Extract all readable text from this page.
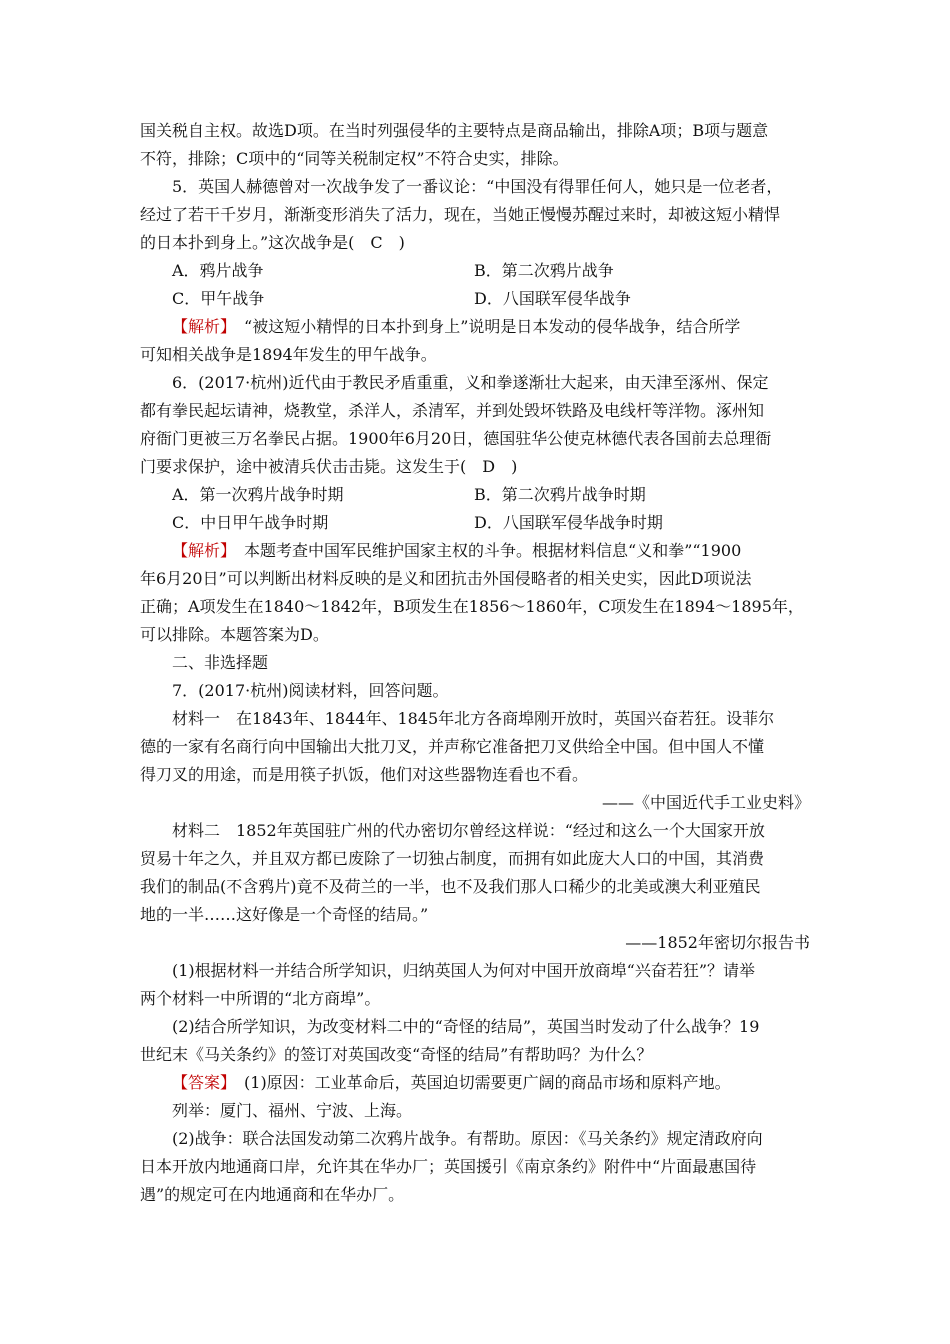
国关税自主权。故选D项。在当时列强侵华的主要特点是商品输出，排除A项；B项与题意
不符，排除；C项中的“同等关税制定权”不符合史实，排除。
5．英国人赫德曾对一次战争发了一番议论：“中国没有得罪任何人，她只是一位老者，
经过了若干千岁月，渐渐变形消失了活力，现在，当她正慢慢苏醒过来时，却被这短小精悍
的日本扑到身上。”这次战争是(　C　)
A．鸦片战争	B．第二次鸦片战争
C．甲午战争	D．八国联军侵华战争
【解析】　“被这短小精悍的日本扑到身上”说明是日本发动的侵华战争，结合所学
可知相关战争是1894年发生的甲午战争。
6．(2017·杭州)近代由于教民矛盾重重，义和拳遂渐壮大起来，由天津至涿州、保定
都有拳民起坛请神，烧教堂，杀洋人，杀清军，并到处毁坏铁路及电线杆等洋物。涿州知
府衙门更被三万名拳民占据。1900年6月20日，德国驻华公使克林德代表各国前去总理衙
门要求保护，途中被清兵伏击击毙。这发生于(　D　)
A．第一次鸦片战争时期	B．第二次鸦片战争时期
C．中日甲午战争时期	D．八国联军侵华战争时期
【解析】　本题考查中国军民维护国家主权的斗争。根据材料信息“义和拳”“1900
年6月20日”可以判断出材料反映的是义和团抗击外国侵略者的相关史实，因此D项说法
正确；A项发生在1840～1842年，B项发生在1856～1860年，C项发生在1894～1895年，
可以排除。本题答案为D。
二、非选择题
7．(2017·杭州)阅读材料，回答问题。
材料一　在1843年、1844年、1845年北方各商埠刚开放时，英国兴奋若狂。设菲尔
德的一家有名商行向中国输出大批刀叉，并声称它准备把刀叉供给全中国。但中国人不懂
得刀叉的用途，而是用筷子扒饭，他们对这些器物连看也不看。
——《中国近代手工业史料》
材料二　1852年英国驻广州的代办密切尔曾经这样说：“经过和这么一个大国家开放
贸易十年之久，并且双方都已废除了一切独占制度，而拥有如此庞大人口的中国，其消费
我们的制品(不含鸦片)竟不及荷兰的一半，也不及我们那人口稀少的北美或澳大利亚殖民
地的一半……这好像是一个奇怪的结局。”
——1852年密切尔报告书
(1)根据材料一并结合所学知识，归纳英国人为何对中国开放商埠“兴奋若狂”？请举
两个材料一中所谓的“北方商埠”。
(2)结合所学知识，为改变材料二中的“奇怪的结局”，英国当时发动了什么战争？19
世纪末《马关条约》的签订对英国改变“奇怪的结局”有帮助吗？为什么？
【答案】　(1)原因：工业革命后，英国迫切需要更广阔的商品市场和原料产地。
列举：厦门、福州、宁波、上海。
(2)战争：联合法国发动第二次鸦片战争。有帮助。原因：《马关条约》规定清政府向
日本开放内地通商口岸，允许其在华办厂；英国援引《南京条约》附件中“片面最惠国待
遇”的规定可在内地通商和在华办厂。
